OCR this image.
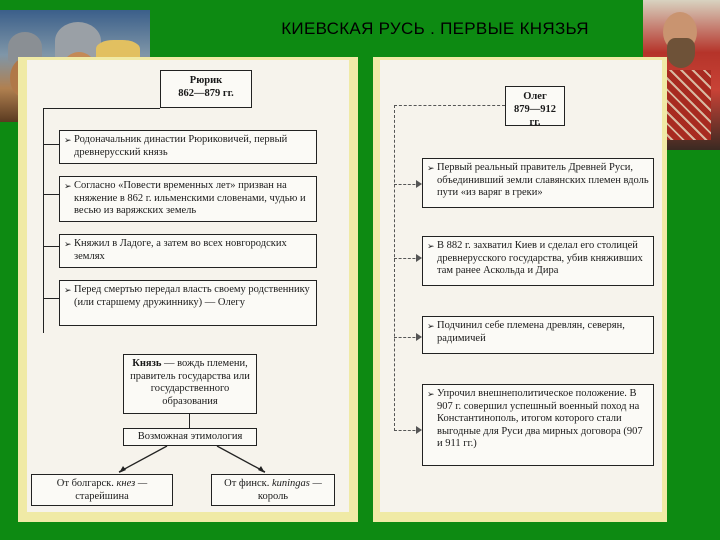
КИЕВСКАЯ РУСЬ . ПЕРВЫЕ КНЯЗЬЯ
Рюрик
862—879 гг.
➢ Родоначальник династии Рюриковичей, первый древнерусский князь
➢ Согласно «Повести временных лет» призван на княжение в 862 г. ильменскими словенами, чудью и весью из варяжских земель
➢ Княжил в Ладоге, а затем во всех новгородских землях
➢ Перед смертью передал власть своему родственнику (или старшему дружиннику) — Олегу
Князь — вождь племени, правитель государства или государственного образования
Возможная этимология
От болгарск. кнез —
старейшина
От финск. kuningas —
король
Олег
879—912 гг.
➢ Первый реальный правитель Древней Руси, объединивший земли славянских племен вдоль пути «из варяг в греки»
➢ В 882 г. захватил Киев и сделал его столицей древнерусского государства, убив княживших там ранее Аскольда и Дира
➢ Подчинил себе племена древлян, северян, радимичей
➢ Упрочил внешнеполитическое положение. В 907 г. совершил успешный военный поход на Константинополь, итогом которого стали выгодные для Руси два мирных договора (907 и 911 гг.)
